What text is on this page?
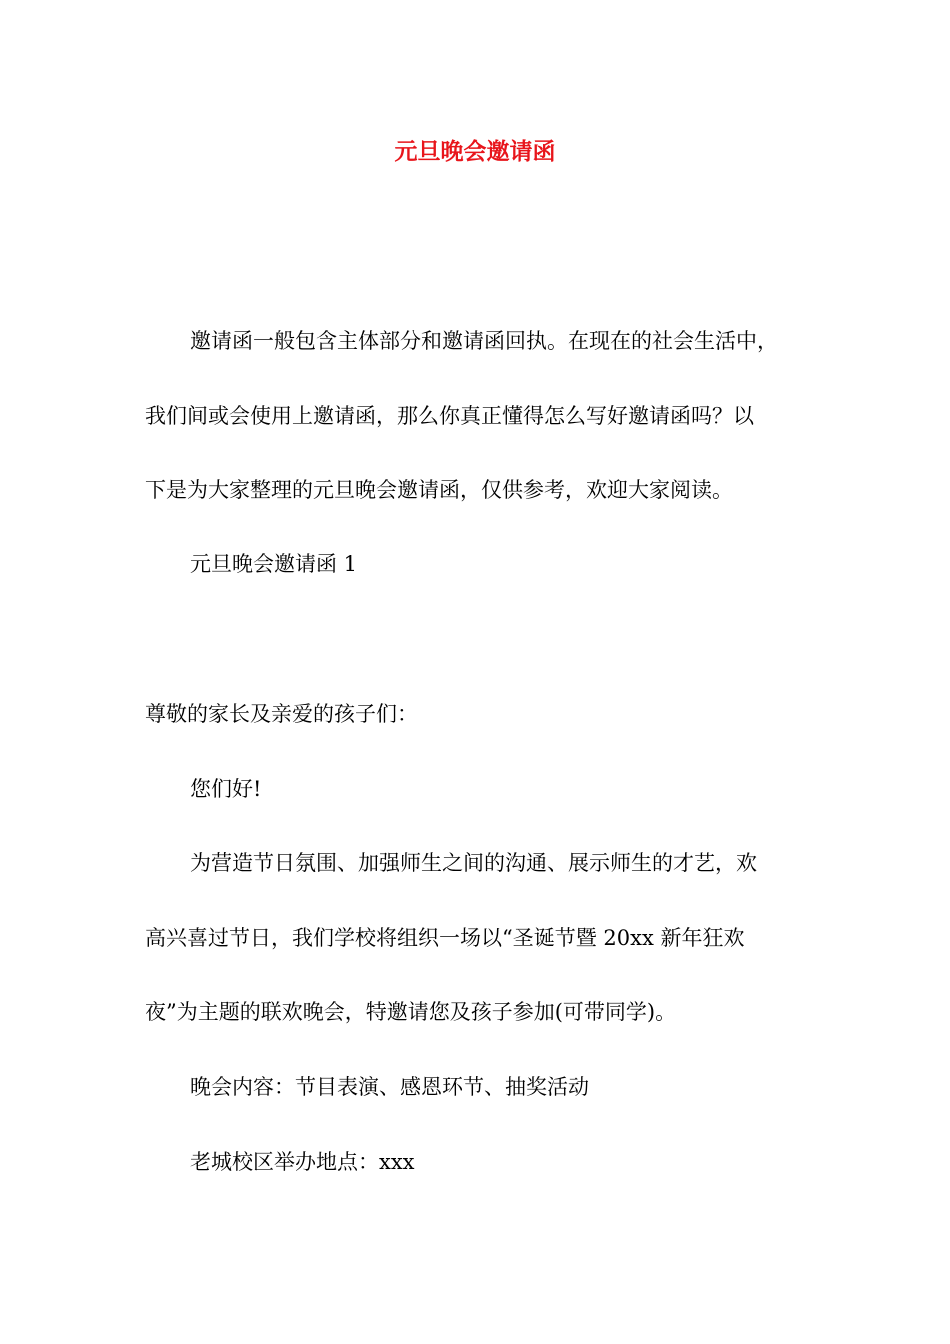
元旦晚会邀请函
邀请函一般包含主体部分和邀请函回执。在现在的社会生活中，
我们间或会使用上邀请函，那么你真正懂得怎么写好邀请函吗？以
下是为大家整理的元旦晚会邀请函，仅供参考，欢迎大家阅读。
元旦晚会邀请函 1
尊敬的家长及亲爱的孩子们：
您们好!
为营造节日氛围、加强师生之间的沟通、展示师生的才艺，欢
高兴喜过节日，我们学校将组织一场以“圣诞节暨 20xx 新年狂欢
夜”为主题的联欢晚会，特邀请您及孩子参加(可带同学)。
晚会内容：节目表演、感恩环节、抽奖活动
老城校区举办地点：xxx
